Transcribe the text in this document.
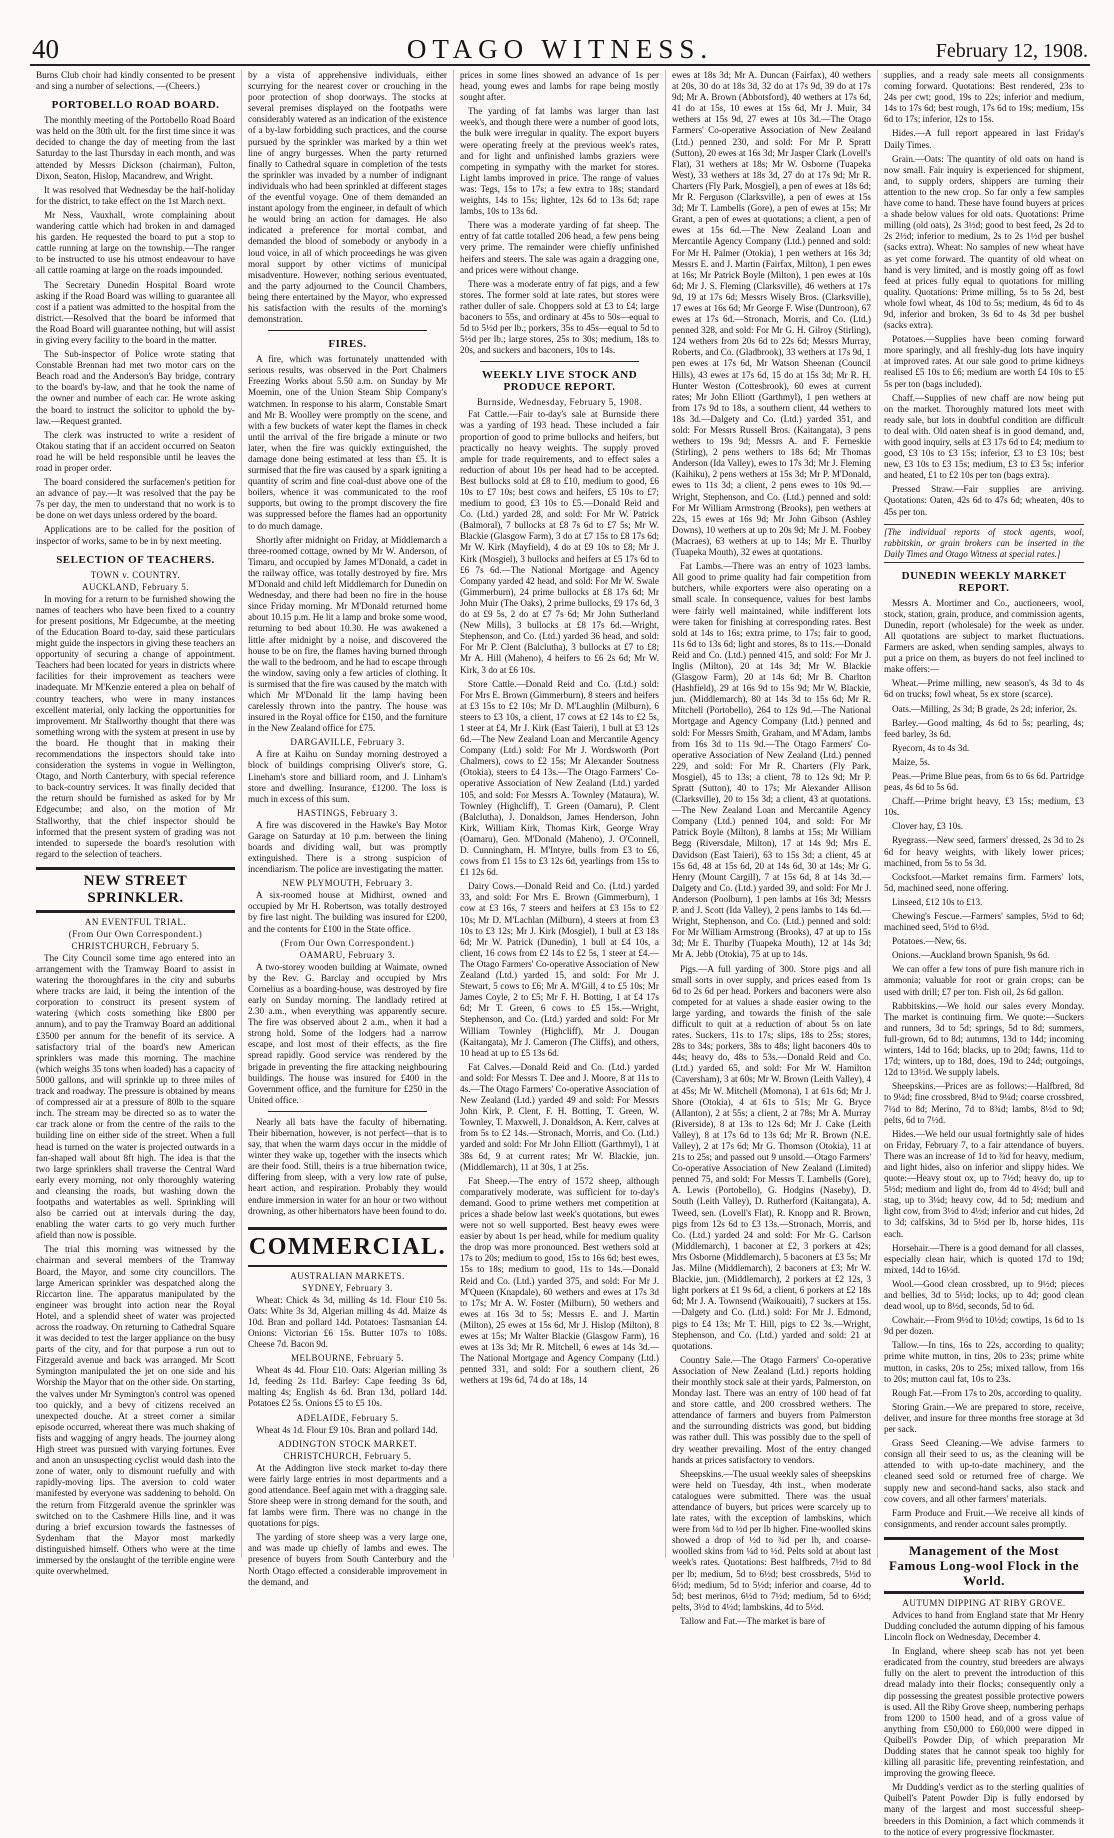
40	OTAGO WITNESS.	February 12, 1908.

Burns Club choir had kindly consented to be present and sing a number of selections. —(Cheers.)

PORTOBELLO ROAD BOARD.

The monthly meeting of the Portobello Road Board was held on the 30th ult. for the first time since it was decided to change the day of meeting from the last Saturday to the last Thursday in each month, and was attended by Messrs Dickson (chairman), Fulton, Dixon, Seaton, Hislop, Macandrew, and Wright.

It was resolved that Wednesday be the half-holiday for the district, to take effect on the 1st March next.

Mr Ness, Vauxhall, wrote complaining about wandering cattle which had broken in and damaged his garden. He requested the board to put a stop to cattle running at large on the township.—The ranger to be instructed to use his utmost endeavour to have all cattle roaming at large on the roads impounded.

The Secretary Dunedin Hospital Board wrote asking if the Road Board was willing to guarantee all cost if a patient was admitted to the hospital from the district.—Resolved that the board be informed that the Road Board will guarantee nothing, but will assist in giving every facility to the board in the matter.

The Sub-inspector of Police wrote stating that Constable Brennan had met two motor cars on the Beach road and the Anderson's Bay bridge, contrary to the board's by-law, and that he took the name of the owner and number of each car. He wrote asking the board to instruct the solicitor to uphold the by-law.—Request granted.

The clerk was instructed to write a resident of Otakou stating that if an accident occurred on Seaton road he will be held responsible until he leaves the road in proper order.

The board considered the surfacemen's petition for an advance of pay.—It was resolved that the pay be 7s per day, the men to understand that no work is to be done on wet days unless ordered by the board.

Applications are to be called for the position of inspector of works, same to be in by next meeting.

SELECTION OF TEACHERS.
TOWN v. COUNTRY.
AUCKLAND, February 5.

In moving for a return to be furnished showing the names of teachers who have been fixed to a country for present positions, Mr Edgecumbe, at the meeting of the Education Board to-day, said these particulars might guide the inspectors in giving these teachers an opportunity of securing a change of appointment. Teachers had been located for years in districts where facilities for their improvement as teachers were inadequate. Mr M'Kenzie entered a plea on behalf of country teachers, who were in many instances excellent material, only lacking the opportunities for improvement. Mr Stallworthy thought that there was something wrong with the system at present in use by the board. He thought that in making their recommendations the inspectors should take into consideration the systems in vogue in Wellington, Otago, and North Canterbury, with special reference to back-country services. It was finally decided that the return should be furnished as asked for by Mr Edgecumbe; and also, on the motion of Mr Stallworthy, that the chief inspector should be informed that the present system of grading was not intended to supersede the board's resolution with regard to the selection of teachers.

NEW STREET SPRINKLER.
AN EVENTFUL TRIAL.
(From Our Own Correspondent.)
CHRISTCHURCH, February 5.

The City Council some time ago entered into an arrangement with the Tramway Board to assist in watering the thoroughfares in the city and suburbs where tracks are laid, it being the intention of the corporation to construct its present system of watering (which costs something like £800 per annum), and to pay the Tramway Board an additional £3500 per annum for the benefit of its service. A satisfactory trial of the board's new American sprinklers was made this morning. The machine (which weighs 35 tons when loaded) has a capacity of 5000 gallons, and will sprinkle up to three miles of track and roadway. The pressure is obtained by means of compressed air at a pressure of 80lb to the square inch. The stream may be directed so as to water the car track alone or from the centre of the rails to the building line on either side of the street. When a full head is turned on the water is projected outwards in a fan-shaped wall about 8ft high. The idea is that the two large sprinklers shall traverse the Central Ward early every morning, not only thoroughly watering and cleansing the roads, but washing down the footpaths and watertables as well. Sprinkling will also be carried out at intervals during the day, enabling the water carts to go very much further afield than now is possible.

The trial this morning was witnessed by the chairman and several members of the Tramway Board, the Mayor, and some city councillors. The large American sprinkler was despatched along the Riccarton line. The apparatus manipulated by the engineer was brought into action near the Royal Hotel, and a splendid sheet of water was projected across the roadway. On returning to Cathedral Square it was decided to test the larger appliance on the busy parts of the city, and for that purpose a run out to Fitzgerald avenue and back was arranged. Mr Scott Symington manipulated the jet on one side and his Worship the Mayor that on the other side. On starting, the valves under Mr Symington's control was opened too quickly, and a bevy of citizens received an unexpected douche. At a street corner a similar episode occurred, whereat there was much shaking of fists and wagging of angry heads. The journey along High street was pursued with varying fortunes. Ever and anon an unsuspecting cyclist would dash into the zone of water, only to dismount ruefully and with rapidly-moving lips. The aversion to cold water manifested by everyone was saddening to behold. On the return from Fitzgerald avenue the sprinkler was switched on to the Cashmere Hills line, and it was during a brief excursion towards the fastnesses of Sydenham that the Mayor most markedly distinguished himself. Others who were at the time immersed by the onslaught of the terrible engine were quite overwhelmed.

by a vista of apprehensive individuals, either scurrying for the nearest cover or crouching in the poor protection of shop doorways. The stocks at several premises displayed on the footpaths were considerably watered as an indication of the existence of a by-law forbidding such practices, and the course pursued by the sprinkler was marked by a thin wet line of angry burgesses. When the party returned finally to Cathedral square in completion of the tests the sprinkler was invaded by a number of indignant individuals who had been sprinkled at different stages of the eventful voyage. One of them demanded an instant apology from the engineer, in default of which he would bring an action for damages. He also indicated a preference for mortal combat, and demanded the blood of somebody or anybody in a loud voice, in all of which proceedings he was given moral support by other victims of municipal misadventure. However, nothing serious eventuated, and the party adjourned to the Council Chambers, being there entertained by the Mayor, who expressed his satisfaction with the results of the morning's demonstration.

FIRES.

A fire, which was fortunately unattended with serious results, was observed in the Port Chalmers Freezing Works about 5.50 a.m. on Sunday by Mr Moemin, one of the Union Steam Ship Company's watchmen. In response to his alarm, Constable Smart and Mr B. Woolley were promptly on the scene, and with a few buckets of water kept the flames in check until the arrival of the fire brigade a minute or two later, when the fire was quickly extinguished, the damage done being estimated at less than £5. It is surmised that the fire was caused by a spark igniting a quantity of scrim and fine coal-dust above one of the boilers, whence it was communicated to the roof supports, but owing to the prompt discovery the fire was suppressed before the flames had an opportunity to do much damage.

Shortly after midnight on Friday, at Middlemarch a three-roomed cottage, owned by Mr W. Anderson, of Timaru, and occupied by James M'Donald, a cadet in the railway office, was totally destroyed by fire. Mrs M'Donald and child left Middlemarch for Dunedin on Wednesday, and there had been no fire in the house since Friday morning. Mr M'Donald returned home about 10.15 p.m. He lit a lamp and broke some wood, returning to bed about 10.30. He was awakened a little after midnight by a noise, and discovered the house to be on fire, the flames having burned through the wall to the bedroom, and he had to escape through the window, saving only a few articles of clothing. It is surmised that the fire was caused by the match with which Mr M'Donald lit the lamp having been carelessly thrown into the pantry. The house was insured in the Royal office for £150, and the furniture in the New Zealand office for £75.

DARGAVILLE, February 3.

A fire at Kaihu on Sunday morning destroyed a block of buildings comprising Oliver's store, G. Lineham's store and billiard room, and J. Linham's store and dwelling. Insurance, £1200. The loss is much in excess of this sum.

HASTINGS, February 3.

A fire was discovered in the Hawke's Bay Motor Garage on Saturday at 10 p.m. between the lining boards and dividing wall, but was promptly extinguished. There is a strong suspicion of incendiarism. The police are investigating the matter.

NEW PLYMOUTH, February 3.

A six-roomed house at Midhirst, owned and occupied by Mr H. Robertson, was totally destroyed by fire last night. The building was insured for £200, and the contents for £100 in the State office.

(From Our Own Correspondent.)
OAMARU, February 3.

A two-storey wooden building at Waimate, owned by the Rev. G. Barclay and occupied by Mrs Cornelius as a boarding-house, was destroyed by fire early on Sunday morning. The landlady retired at 2.30 a.m., when everything was apparently secure. The fire was observed about 2 a.m., when it had a strong hold. Some of the lodgers had a narrow escape, and lost most of their effects, as the fire spread rapidly. Good service was rendered by the brigade in preventing the fire attacking neighbouring buildings. The house was insured for £400 in the Government office, and the furniture for £250 in the United office.

Nearly all bats have the faculty of hibernating. Their hibernation, however, is not perfect—that is to say, that when the warm days occur in the middle of winter they wake up, together with the insects which are their food. Still, theirs is a true hibernation twice, differing from sleep, with a very low rate of pulse, heart action, and respiration. Probably they would endure immersion in water for an hour or two without drowning, as other hibernators have been found to do.

COMMERCIAL.
AUSTRALIAN MARKETS.
SYDNEY, February 3.

Wheat: Chick 4s 3d, milling 4s 1d. Flour £10 5s. Oats: White 3s 3d, Algerian milling 4s 4d. Maize 4s 10d. Bran and pollard 14d. Potatoes: Tasmanian £4. Onions: Victorian £6 15s. Butter 107s to 108s. Cheese 7d. Bacon 9d.

MELBOURNE, February 5.

Wheat 4s 4d. Flour £10. Oats: Algerian milling 3s 1d, feeding 2s 11d. Barley: Cape feeding 3s 6d, malting 4s; English 4s 6d. Bran 13d, pollard 14d. Potatoes £2 5s. Onions £5 to £5 10s.

ADELAIDE, February 5.

Wheat 4s 1d. Flour £9 10s. Bran and pollard 14d.

ADDINGTON STOCK MARKET.
CHRISTCHURCH, February 5.

At the Addington live stock market to-day there were fairly large entries in most departments and a good attendance. Beef again met with a dragging sale. Store sheep were in strong demand for the south, and fat lambs were firm. There was no change in the quotations for pigs.

The yarding of store sheep was a very large one, and was made up chiefly of lambs and ewes. The presence of buyers from South Canterbury and the North Otago effected a considerable improvement in the demand, and

prices in some lines showed an advance of 1s per head, young ewes and lambs for rape being mostly sought after.

The yarding of fat lambs was larger than last week's, and though there were a number of good lots, the bulk were irregular in quality. The export buyers were operating freely at the previous week's rates, and for light and unfinished lambs graziers were competing in sympathy with the market for stores. Light lambs improved in price. The range of values was: Tegs, 15s to 17s; a few extra to 18s; standard weights, 14s to 15s; lighter, 12s 6d to 13s 6d; rape lambs, 10s to 13s 6d.

There was a moderate yarding of fat sheep. The entry of fat cattle totalled 206 head, a few pens being very prime. The remainder were chiefly unfinished heifers and steers. The sale was again a dragging one, and prices were without change.

There was a moderate entry of fat pigs, and a few stores. The former sold at late rates, but stores were rather duller of sale. Choppers sold at £3 to £4; large baconers to 55s, and ordinary at 45s to 50s—equal to 5d to 5½d per lb.; porkers, 35s to 45s—equal to 5d to 5½d per lb.; large stores, 25s to 30s; medium, 18s to 20s, and suckers and baconers, 10s to 14s.

WEEKLY LIVE STOCK AND PRODUCE REPORT.
Burnside, Wednesday, February 5, 1908.

Fat Cattle.—Fair to-day's sale at Burnside there was a yarding of 193 head. These included a fair proportion of good to prime bullocks and heifers, but practically no heavy weights. The supply proved ample for trade requirements, and to effect sales a reduction of about 10s per head had to be accepted. Best bullocks sold at £8 to £10, medium to good, £6 10s to £7 10s; best cows and heifers, £5 10s to £7; medium to good, £3 10s to £5.—Donald Reid and Co. (Ltd.) yarded 28, and sold: For Mr W. Patrick (Balmoral), 7 bullocks at £8 7s 6d to £7 5s; Mr W. Blackie (Glasgow Farm), 3 do at £7 15s to £8 17s 6d; Mr W. Kirk (Mayfield), 4 do at £9 10s to £8; Mr J. Kirk (Mosgiel), 3 bullocks and heifers at £5 17s 6d to £6 7s 6d.—The National Mortgage and Agency Company yarded 42 head, and sold: For Mr W. Swale (Gimmerburn), 24 prime bullocks at £8 17s 6d; Mr John Muir (The Oaks), 2 prime bullocks, £9 17s 6d, 3 do at £9 5s, 2 do at £7 7s 6d; Mr John Sutherland (New Mills), 3 bullocks at £8 17s 6d.—Wright, Stephenson, and Co. (Ltd.) yarded 36 head, and sold: For Mr P. Clent (Balclutha), 3 bullocks at £7 to £8; Mr A. Hill (Maheno), 4 heifers to £6 2s 6d; Mr W. Kirk, 3 do at £6 10s.

Store Cattle.—Donald Reid and Co. (Ltd.) sold: For Mrs E. Brown (Gimmerburn), 8 steers and heifers at £3 15s to £2 10s; Mr D. M'Laughlin (Milburn), 6 steers to £3 10s, a client, 17 cows at £2 14s to £2 5s, 1 steer at £4, Mr J. Kirk (East Taieri), 1 bull at £3 12s 6d.—The New Zealand Loan and Mercantile Agency Company (Ltd.) sold: For Mr J. Wordsworth (Port Chalmers), cows to £2 15s; Mr Alexander Soutness (Otokia), steers to £4 13s.—The Otago Farmers' Co-operative Association of New Zealand (Ltd.) yarded 105, and sold: For Messrs A. Townley (Mataura), W. Townley (Highcliff), T. Green (Oamaru), P. Clent (Balclutha), J. Donaldson, James Henderson, John Kirk, William Kirk, Thomas Kirk, George Wray (Oamaru), Geo. M'Donald (Maheno), J. O'Connell, D. Cunningham, H. M'Intyre, bulls from £3 to £6, cows from £1 15s to £3 12s 6d, yearlings from 15s to £1 12s 6d.

Dairy Cows.—Donald Reid and Co. (Ltd.) yarded 33, and sold: For Mrs E. Brown (Gimmerburn), 1 cow at £3 16s, 7 steers and heifers at £3 15s to £2 10s; Mr D. M'Lachlan (Milburn), 4 steers at from £3 10s to £3 12s; Mr J. Kirk (Mosgiel), 1 bull at £3 18s 6d; Mr W. Patrick (Dunedin), 1 bull at £4 10s, a client, 16 cows from £2 14s to £2 5s, 1 steer at £4.—The Otago Farmers' Co-operative Association of New Zealand (Ltd.) yarded 15, and sold: For Mr J. Stewart, 5 cows to £6; Mr A. M'Gill, 4 to £5 10s; Mr James Coyle, 2 to £5; Mr F. H. Botting, 1 at £4 17s 6d; Mr T. Green, 6 cows to £5 15s.—Wright, Stephenson, and Co. (Ltd.) yarded and sold: For Mr William Townley (Highcliff), Mr J. Dougan (Kaitangata), Mr J. Cameron (The Cliffs), and others, 10 head at up to £5 13s 6d.

Fat Calves.—Donald Reid and Co. (Ltd.) yarded and sold: For Messrs T. Dee and J. Moore, 8 at 11s to 4s.—The Otago Farmers' Co-operative Association of New Zealand (Ltd.) yarded 49 and sold: For Messrs John Kirk, P. Clent, F. H. Botting, T. Green, W. Townley, T. Maxwell, J. Donaldson, A. Kerr, calves at from 5s to £2 14s.—Stronach, Morris, and Co. (Ltd.) yarded and sold: For Mr John Elliott (Garthmyl), 1 at 38s 6d, 9 at current rates; Mr W. Blackie, jun. (Middlemarch), 11 at 30s, 1 at 25s.

Fat Sheep.—The entry of 1572 sheep, although comparatively moderate, was sufficient for to-day's demand. Good to prime wethers met competition at prices a shade below last week's quotations, but ewes were not so well supported. Best heavy ewes were easier by about 1s per head, while for medium quality the drop was more pronounced. Best wethers sold at 17s to 20s; medium to good, 15s to 16s 6d; best ewes, 15s to 18s; medium to good, 11s to 14s.—Donald Reid and Co. (Ltd.) yarded 375, and sold: For Mr J. M'Queen (Knapdale), 60 wethers and ewes at 17s 3d to 17s; Mr A. W. Foster (Milburn), 50 wethers and ewes at 16s 3d to 5s; Messrs E. and J. Martin (Milton), 25 ewes at 15s 6d, Mr J. Hislop (Milton), 8 ewes at 15s; Mr Walter Blackie (Glasgow Farm), 16 ewes at 13s 3d; Mr R. Mitchell, 6 ewes at 14s 3d.—The National Mortgage and Agency Company (Ltd.) penned 331, and sold: For a southern client, 26 wethers at 19s 6d, 74 do at 18s, 14

ewes at 18s 3d; Mr A. Duncan (Fairfax), 40 wethers at 20s, 30 do at 18s 3d, 32 do at 17s 9d, 39 do at 17s 9d; Mr A. Brown (Abbotsford), 40 wethers at 17s 6d, 41 do at 15s, 10 ewes at 15s 6d, Mr J. Muir, 34 wethers at 15s 9d, 27 ewes at 10s 3d.—The Otago Farmers' Co-operative Association of New Zealand (Ltd.) penned 230, and sold: For Mr P. Spratt (Sutton), 20 ewes at 16s 3d; Mr Jasper Clark (Lovell's Flat), 31 wethers at 18s; Mr W. Osborne (Tuapeka West), 33 wethers at 18s 3d, 27 do at 17s 9d; Mr R. Charters (Fly Park, Mosgiel), a pen of ewes at 18s 6d; Mr R. Ferguson (Clarksville), a pen of ewes at 15s 3d; Mr T. Lambells (Gore), a pen of ewes at 15s; Mr Grant, a pen of ewes at quotations; a client, a pen of ewes at 15s 6d.—The New Zealand Loan and Mercantile Agency Company (Ltd.) penned and sold: For Mr H. Palmer (Otokia), 1 pen wethers at 16s 3d; Messrs E. and J. Martin (Fairfax, Milton), 1 pen ewes at 16s; Mr Patrick Boyle (Milton), 1 pen ewes at 10s 6d; Mr J. S. Fleming (Clarksville), 46 wethers at 17s 9d, 19 at 17s 6d; Messrs Wisely Bros. (Clarksville), 17 ewes at 16s 6d; Mr George F. Wise (Duntroon), 67 ewes at 17s 6d.—Stronach, Morris, and Co. (Ltd.) penned 328, and sold: For Mr G. H. Gilroy (Stirling), 124 wethers from 20s 6d to 22s 6d; Messrs Murray, Roberts, and Co. (Gladbrook), 33 wethers at 17s 9d, 1 pen ewes at 17s 6d, Mr Watson Sheenan (Council Hills), 43 ewes at 17s 6d, 15 do at 15s 3d; Mr R. H. Hunter Weston (Cottesbrook), 60 ewes at current rates; Mr John Elliott (Garthmyl), 1 pen wethers at from 17s 9d to 18s, a southern client, 44 wethers to 18s 3d.—Dalgety and Co. (Ltd.) yarded 351, and sold: For Messrs Russell Bros. (Kaitangata), 3 pens wethers to 19s 9d; Messrs A. and F. Ferneskie (Stirling), 2 pens wethers to 18s 6d; Mr Thomas Anderson (Ida Valley), ewes to 17s 3d; Mr J. Fleming (Kaihiku), 2 pens wethers at 15s 3d; Mr P. M'Donald, ewes to 11s 3d; a client, 2 pens ewes to 10s 9d.—Wright, Stephenson, and Co. (Ltd.) penned and sold: For Mr William Armstrong (Brooks), pen wethers at 22s, 15 ewes at 16s 9d; Mr John Gibson (Ashley Downs), 10 wethers at up to 20s 9d; Mr J. M. Foobey (Macraes), 63 wethers at up to 14s; Mr E. Thurlby (Tuapeka Mouth), 32 ewes at quotations.

Fat Lambs.—There was an entry of 1023 lambs. All good to prime quality had fair competition from butchers, while exporters were also operating on a small scale. In consequence, values for best lambs were fairly well maintained, while indifferent lots were taken for finishing at corresponding rates. Best sold at 14s to 16s; extra prime, to 17s; fair to good, 11s 6d to 13s 6d; light and stores, 8s to 11s.—Donald Reid and Co. (Ltd.) penned 415, and sold: For Mr J. Inglis (Milton), 20 at 14s 3d; Mr W. Blackie (Glasgow Farm), 20 at 14s 6d; Mr B. Charlton (Hashfield), 29 at 16s 9d to 15s 9d; Mr W. Blackie, jun. (Middlemarch), 80 at 14s 3d to 15s 6d; Mr R. Mitchell (Portobello), 264 to 12s 9d.—The National Mortgage and Agency Company (Ltd.) penned and sold: For Messrs Smith, Graham, and M'Adam, lambs from 16s 3d to 11s 9d.—The Otago Farmers' Co-operative Association of New Zealand (Ltd.) penned 229, and sold: For Mr R. Charters (Fly Park, Mosgiel), 45 to 13s; a client, 78 to 12s 9d; Mr P. Spratt (Sutton), 40 to 17s; Mr Alexander Allison (Clarksville), 20 to 15s 3d; a client, 43 at quotations.—The New Zealand Loan and Mercantile Agency Company (Ltd.) penned 104, and sold: For Mr Patrick Boyle (Milton), 8 lambs at 15s; Mr William Begg (Riversdale, Milton), 17 at 14s 9d; Mrs E. Davidson (East Taieri), 63 to 15s 3d; a client, 45 at 15s 6d, 48 at 15s 6d, 20 at 14s 6d, 30 at 14s; Mr G. Henry (Mount Cargill), 7 at 15s 6d, 8 at 14s 3d.—Dalgety and Co. (Ltd.) yarded 39, and sold: For Mr J. Anderson (Poolburn), 1 pen lambs at 16s 3d; Messrs P. and J. Scott (Ida Valley), 2 pens lambs to 14s 6d.—Wright, Stephenson, and Co. (Ltd.) penned and sold: For Mr William Armstrong (Brooks), 47 at up to 15s 3d; Mr E. Thurlby (Tuapeka Mouth), 12 at 14s 3d; Mr A. Jebb (Otokia), 75 at up to 14s.

Pigs.—A full yarding of 300. Store pigs and all small sorts in over supply, and prices eased from 1s 6d to 2s 6d per head. Porkers and baconers were also competed for at values a shade easier owing to the large yarding, and towards the finish of the sale difficult to quit at a reduction of about 5s on late rates. Suckers, 11s to 17s; slips, 18s to 25s; stores, 28s to 34s; porkers, 38s to 48s; light baconers 40s to 44s; heavy do, 48s to 53s.—Donald Reid and Co. (Ltd.) yarded 65, and sold: For Mr W. Hamilton (Caversham), 3 at 60s; Mr W. Brown (Leith Valley), 4 at 45s; Mr W. Mitchell (Momona), 1 at 61s 6d; Mr J. Shore (Otokia), 4 at 61s to 51s; Mr G. Bryce (Allanton), 2 at 55s; a client, 2 at 78s; Mr A. Murray (Riverside), 8 at 13s to 12s 6d; Mr J. Cake (Leith Valley), 8 at 17s 6d to 13s 6d; Mr R. Brown (N.E. Valley), 2 at 17s 6d; Mr G. Thomson (Otokia), 11 at 21s to 25s; and passed out 9 unsold.—Otago Farmers' Co-operative Association of New Zealand (Limited) penned 75, and sold: For Messrs T. Lambells (Gore), A. Lewis (Portobello), G. Hodgins (Naseby), D. South (Leith Valley), D. Rutherford (Kaitangata), A. Tweed, sen. (Lovell's Flat), R. Knopp and R. Brown, pigs from 12s 6d to £3 13s.—Stronach, Morris, and Co. (Ltd.) yarded 24 and sold: For Mr G. Carlson (Middlemarch), 1 baconer at £2, 3 porkers at 42s; Mrs Osborne (Middlemarch), 5 baconers at £3 5s; Mr Jas. Milne (Middlemarch), 2 baconers at £3; Mr W. Blackie, jun. (Middlemarch), 2 porkers at £2 12s, 3 light porkers at £1 9s 6d, a client, 6 porkers at £2 18s 6d; Mr J. A. Townsend (Waikouaiti), 7 suckers at 15s.—Dalgety and Co. (Ltd.) sold: For Mr J. Edmond, pigs to £4 13s; Mr T. Hill, pigs to £2 3s.—Wright, Stephenson, and Co. (Ltd.) yarded and sold: 21 at quotations.

Country Sale.—The Otago Farmers' Co-operative Association of New Zealand (Ltd.) reports holding their monthly stock sale at their yards, Palmerston, on Monday last. There was an entry of 100 head of fat and store cattle, and 200 crossbred wethers. The attendance of farmers and buyers from Palmerston and the surrounding districts was good, but bidding was rather dull. This was possibly due to the spell of dry weather prevailing. Most of the entry changed hands at prices satisfactory to vendors.

Sheepskins.—The usual weekly sales of sheepskins were held on Tuesday, 4th inst., when moderate catalogues were submitted. There was the usual attendance of buyers, but prices were scarcely up to late rates, with the exception of lambskins, which were from ¼d to ½d per lb higher. Fine-woolled skins showed a drop of ½d to ¾d per lb, and coarse-woolled skins from ¼d to ½d. Pelts sold at about last week's rates. Quotations: Best halfbreds, 7½d to 8d per lb; medium, 5d to 6½d; best crossbreds, 5½d to 6½d; medium, 5d to 5½d; inferior and coarse, 4d to 5d; best merinos, 6½d to 7½d; medium, 5d to 6½d; pelts, 3½d to 4½d; lambskins, 4d to 5½d.

Tallow and Fat.—The market is bare of

supplies, and a ready sale meets all consignments coming forward. Quotations: Best rendered, 23s to 24s per cwt; good, 19s to 22s; inferior and medium, 14s to 17s 6d; best rough, 17s 6d to 19s; medium, 15s 6d to 17s; inferior, 12s to 15s.

Hides.—A full report appeared in last Friday's Daily Times.

Grain.—Oats: The quantity of old oats on hand is now small. Fair inquiry is experienced for shipment, and, to supply orders, shippers are turning their attention to the new crop. So far only a few samples have come to hand. These have found buyers at prices a shade below values for old oats. Quotations: Prime milling (old oats), 2s 3½d; good to best feed, 2s 2d to 2s 2½d; inferior to medium, 2s to 2s 1½d per bushel (sacks extra). Wheat: No samples of new wheat have as yet come forward. The quantity of old wheat on hand is very limited, and is mostly going off as fowl feed at prices fully equal to quotations for milling quality. Quotations: Prime milling, 5s to 5s 2d, best whole fowl wheat, 4s 10d to 5s; medium, 4s 6d to 4s 9d, inferior and broken, 3s 6d to 4s 3d per bushel (sacks extra).

Potatoes.—Supplies have been coming forward more sparingly, and all freshly-dug lots have inquiry at improved rates. At our sale good to prime kidneys realised £5 10s to £6; medium are worth £4 10s to £5 5s per ton (bags included).

Chaff.—Supplies of new chaff are now being put on the market. Thoroughly matured lots meet with ready sale, but lots in doubtful condition are difficult to deal with. Old oaten sheaf is in good demand, and, with good inquiry, sells at £3 17s 6d to £4; medium to good, £3 10s to £3 15s; inferior, £3 to £3 10s; best new, £3 10s to £3 15s; medium, £3 to £3 5s; inferior and heated, £1 to £2 10s per ton (bags extra).

Pressed Straw.—Fair supplies are arriving. Quotations: Oaten, 42s 6d to 47s 6d; wheaten, 40s to 45s per ton.

[The individual reports of stock agents, wool, rabbitskin, or grain brokers can be inserted in the Daily Times and Otago Witness at special rates.]
DUNEDIN WEEKLY MARKET REPORT.

Messrs A. Mortimer and Co., auctioneers, wool, stock, station, grain, produce, and commission agents, Dunedin, report (wholesale) for the week as under. All quotations are subject to market fluctuations. Farmers are asked, when sending samples, always to put a price on them, as buyers do not feel inclined to make offers:—

Wheat.—Prime milling, new season's, 4s 3d to 4s 6d on trucks; fowl wheat, 5s ex store (scarce).

Oats.—Milling, 2s 3d; B grade, 2s 2d; inferior, 2s.

Barley.—Good malting, 4s 6d to 5s; pearling, 4s; feed barley, 3s 6d.

Ryecorn, 4s to 4s 3d.

Maize, 5s.

Peas.—Prime Blue peas, from 6s to 6s 6d. Partridge peas, 4s 6d to 5s 6d.

Chaff.—Prime bright heavy, £3 15s; medium, £3 10s.

Clover hay, £3 10s.

Ryegrass.—New seed, farmers' dressed, 2s 3d to 2s 6d for heavy weights, with likely lower prices; machined, from 5s to 5s 3d.

Cocksfoot.—Market remains firm. Farmers' lots, 5d, machined seed, none offering.

Linseed, £12 10s to £13.

Chewing's Fescue.—Farmers' samples, 5½d to 6d; machined seed, 5½d to 6½d.

Potatoes.—New, 6s.

Onions.—Auckland brown Spanish, 9s 6d.

We can offer a few tons of pure fish manure rich in ammonia; valuable for root or grain crops; can be used with drill; £7 per ton. Fish oil, 2s 6d gallon.

Rabbitskins.—We hold our sales every Monday. The market is continuing firm. We quote:—Suckers and runners, 3d to 5d; springs, 5d to 8d; summers, full-grown, 6d to 8d; autumns, 13d to 14d; incoming winters, 14d to 16d; blacks, up to 20d; fawns, 11d to 17d; winters, up to 18d, does, 19d to 24d; outgoings, 12d to 13½d. We supply labels.

Sheepskins.—Prices are as follows:—Halfbred, 8d to 9¼d; fine crossbred, 8¼d to 9¼d; coarse crossbred, 7¼d to 8d; Merino, 7d to 8¾d; lambs, 8½d to 9d; pelts, 6d to 7½d.

Hides.—We held our usual fortnightly sale of hides on Friday, February 7, to a fair attendance of buyers. There was an increase of 1d to ¾d for heavy, medium, and light hides, also on inferior and slippy hides. We quote:—Heavy stout ox, up to 7½d; heavy do, up to 5½d; medium and light do, from 4d to 4½d; bull and stag, up to 3¼d; heavy cow, 4d to 5d; medium and light cow, from 3½d to 4½d; inferior and cut hides, 2d to 3d; calfskins, 3d to 5½d per lb, horse hides, 11s each.

Horsehair.—There is a good demand for all classes, especially clean hair, which is quoted 17d to 19d; mixed, 14d to 16½d.

Wool.—Good clean crossbred, up to 9½d; pieces and bellies, 3d to 5½d; locks, up to 4d; good clean dead wool, up to 8½d, seconds, 5d to 6d.

Cowhair.—From 9½d to 10½d; cowtips, 1s 6d to 1s 9d per dozen.

Tallow.—In tins, 16s to 22s, according to quality; prime white mutton, in tins, 20s to 23s; prime white mutton, in casks, 20s to 25s; mixed tallow, from 16s to 20s; mutton caul fat, 10s to 23s.

Rough Fat.—From 17s to 20s, according to quality.

Storing Grain.—We are prepared to store, receive, deliver, and insure for three months free storage at 3d per sack.

Grass Seed Cleaning.—We advise farmers to consign all their seed to us, as the cleaning will be attended to with up-to-date machinery, and the cleaned seed sold or returned free of charge. We supply new and second-hand sacks, also stack and cow covers, and all other farmers' materials.

Farm Produce and Fruit.—We receive all kinds of consignments, and render account sales promptly.

Management of the Most Famous Long-wool Flock in the World.
AUTUMN DIPPING AT RIBY GROVE.

Advices to hand from England state that Mr Henry Dudding concluded the autumn dipping of his famous Lincoln flock on Wednesday, December 4.

In England, where sheep scab has not yet been eradicated from the country, stud breeders are always fully on the alert to prevent the introduction of this dread malady into their flocks; consequently only a dip possessing the greatest possible protective powers is used. All the Riby Grove sheep, numbering perhaps from 1200 to 1500 head, and of a gross value of anything from £50,000 to £60,000 were dipped in Quibell's Powder Dip, of which preparation Mr Dudding states that he cannot speak too highly for killing all parasitic life, preventing reinfestation, and improving the growing fleece.

Mr Dudding's verdict as to the sterling qualities of Quibell's Patent Powder Dip is fully endorsed by many of the largest and most successful sheep-breeders in this Dominion, a fact which commends it to the notice of every progressive flockmaster.
